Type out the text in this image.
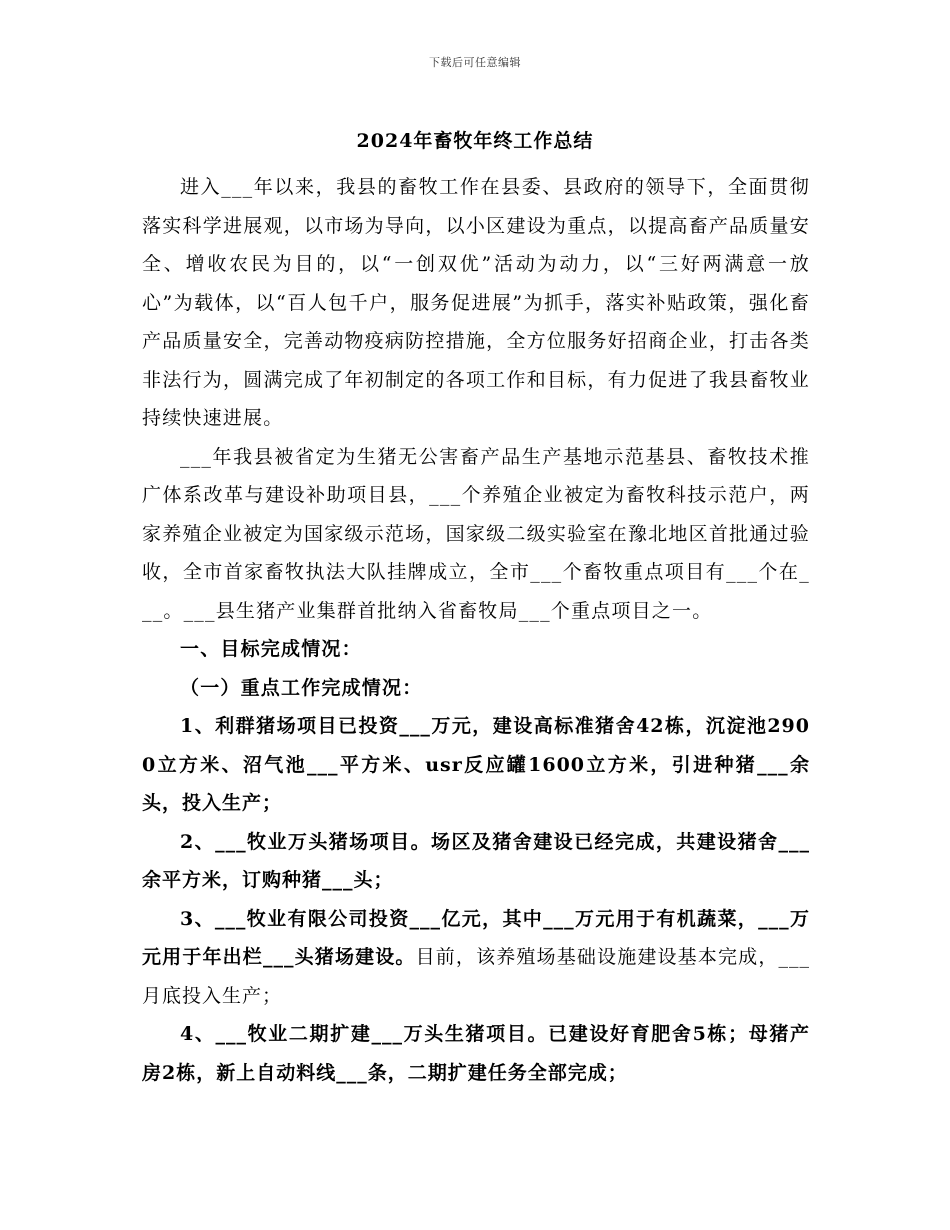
下载后可任意编辑
2024年畜牧年终工作总结

进入___年以来，我县的畜牧工作在县委、县政府的领导下，全面贯彻落实科学进展观，以市场为导向，以小区建设为重点，以提高畜产品质量安全、增收农民为目的，以“一创双优”活动为动力，以“三好两满意一放心”为载体，以“百人包千户，服务促进展”为抓手，落实补贴政策，强化畜产品质量安全，完善动物疫病防控措施，全方位服务好招商企业，打击各类非法行为，圆满完成了年初制定的各项工作和目标，有力促进了我县畜牧业持续快速进展。

___年我县被省定为生猪无公害畜产品生产基地示范基县、畜牧技术推广体系改革与建设补助项目县，___个养殖企业被定为畜牧科技示范户，两家养殖企业被定为国家级示范场，国家级二级实验室在豫北地区首批通过验收，全市首家畜牧执法大队挂牌成立，全市___个畜牧重点项目有___个在___。___县生猪产业集群首批纳入省畜牧局___个重点项目之一。

一、目标完成情况：

（一）重点工作完成情况：

1、利群猪场项目已投资___万元，建设高标准猪舍42栋，沉淀池2900立方米、沼气池___平方米、usr反应罐1600立方米，引进种猪___余头，投入生产；

2、___牧业万头猪场项目。场区及猪舍建设已经完成，共建设猪舍___余平方米，订购种猪___头；

3、___牧业有限公司投资___亿元，其中___万元用于有机蔬菜，___万元用于年出栏___头猪场建设。目前，该养殖场基础设施建设基本完成，___月底投入生产；

4、___牧业二期扩建___万头生猪项目。已建设好育肥舍5栋；母猪产房2栋，新上自动料线___条，二期扩建任务全部完成；
